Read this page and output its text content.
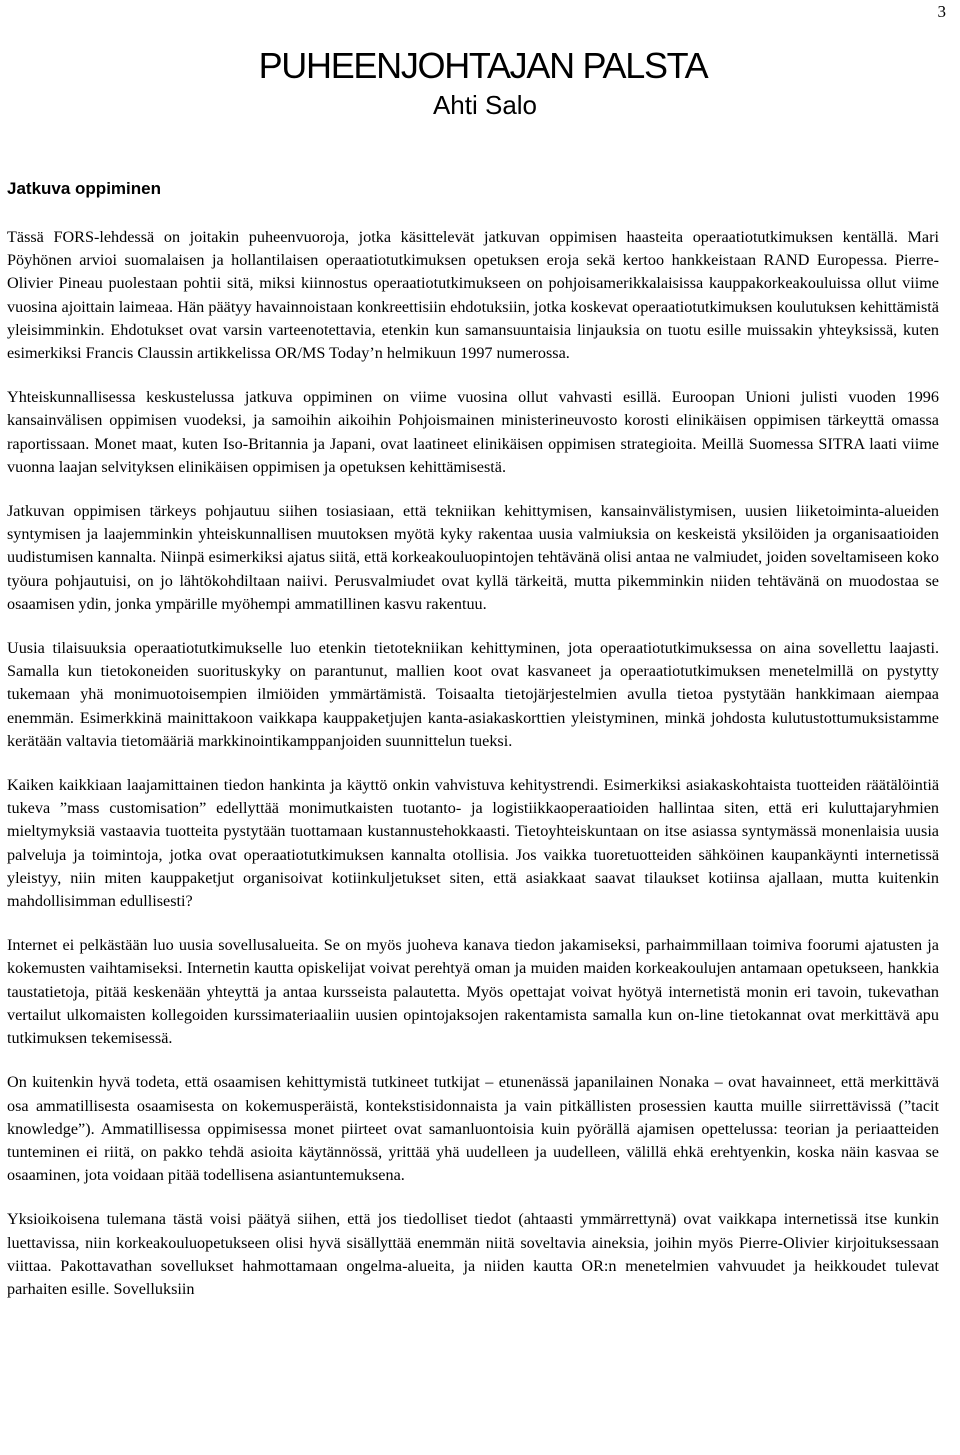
3
PUHEENJOHTAJAN PALSTA
Ahti Salo
Jatkuva oppiminen

Tässä FORS-lehdessä on joitakin puheenvuoroja, jotka käsittelevät jatkuvan oppimisen haasteita operaatiotutkimuksen kentällä. Mari Pöyhönen arvioi suomalaisen ja hollantilaisen operaatiotutkimuksen opetuksen eroja sekä kertoo hankkeistaan RAND Europessa. Pierre-Olivier Pineau puolestaan pohtii sitä, miksi kiinnostus operaatiotutkimukseen on pohjoisamerikkalaisissa kauppakorkeakouluissa ollut viime vuosina ajoittain laimeaa. Hän päätyy havainnoistaan konkreettisiin ehdotuksiin, jotka koskevat operaatiotutkimuksen koulutuksen kehittämistä yleisimminkin. Ehdotukset ovat varsin varteenotettavia, etenkin kun samansuuntaisia linjauksia on tuotu esille muissakin yhteyksissä, kuten esimerkiksi Francis Claussin artikkelissa OR/MS Today’n helmikuun 1997 numerossa.

Yhteiskunnallisessa keskustelussa jatkuva oppiminen on viime vuosina ollut vahvasti esillä. Euroopan Unioni julisti vuoden 1996 kansainvälisen oppimisen vuodeksi, ja samoihin aikoihin Pohjoismainen ministerineuvosto korosti elinikäisen oppimisen tärkeyttä omassa raportissaan. Monet maat, kuten Iso-Britannia ja Japani, ovat laatineet elinikäisen oppimisen strategioita. Meillä Suomessa SITRA laati viime vuonna laajan selvityksen elinikäisen oppimisen ja opetuksen kehittämisestä.

Jatkuvan oppimisen tärkeys pohjautuu siihen tosiasiaan, että tekniikan kehittymisen, kansainvälistymisen, uusien liiketoiminta-alueiden syntymisen ja laajemminkin yhteiskunnallisen muutoksen myötä kyky rakentaa uusia valmiuksia on keskeistä yksilöiden ja organisaatioiden uudistumisen kannalta. Niinpä esimerkiksi ajatus siitä, että korkeakouluopintojen tehtävänä olisi antaa ne valmiudet, joiden soveltamiseen koko työura pohjautuisi, on jo lähtökohdiltaan naiivi. Perusvalmiudet ovat kyllä tärkeitä, mutta pikemminkin niiden tehtävänä on muodostaa se osaamisen ydin, jonka ympärille myöhempi ammatillinen kasvu rakentuu.

Uusia tilaisuuksia operaatiotutkimukselle luo etenkin tietotekniikan kehittyminen, jota operaatiotutkimuksessa on aina sovellettu laajasti. Samalla kun tietokoneiden suorituskyky on parantunut, mallien koot ovat kasvaneet ja operaatiotutkimuksen menetelmillä on pystytty tukemaan yhä monimuotoisempien ilmiöiden ymmärtämistä. Toisaalta tietojärjestelmien avulla tietoa pystytään hankkimaan aiempaa enemmän. Esimerkkinä mainittakoon vaikkapa kauppaketjujen kanta-asiakaskorttien yleistyminen, minkä johdosta kulutustottumuksistamme kerätään valtavia tietomääriä markkinointikamppanjoiden suunnittelun tueksi.

Kaiken kaikkiaan laajamittainen tiedon hankinta ja käyttö onkin vahvistuva kehitystrendi. Esimerkiksi asiakaskohtaista tuotteiden räätälöintiä tukeva ”mass customisation” edellyttää monimutkaisten tuotanto- ja logistiikkaoperaatioiden hallintaa siten, että eri kuluttajaryhmien mieltymyksiä vastaavia tuotteita pystytään tuottamaan kustannustehokkaasti. Tietoyhteiskuntaan on itse asiassa syntymässä monenlaisia uusia palveluja ja toimintoja, jotka ovat operaatiotutkimuksen kannalta otollisia. Jos vaikka tuoretuotteiden sähköinen kaupankäynti internetissä yleistyy, niin miten kauppaketjut organisoivat kotiinkuljetukset siten, että asiakkaat saavat tilaukset kotiinsa ajallaan, mutta kuitenkin mahdollisimman edullisesti?

Internet ei pelkästään luo uusia sovellusalueita. Se on myös juoheva kanava tiedon jakamiseksi, parhaimmillaan toimiva foorumi ajatusten ja kokemusten vaihtamiseksi. Internetin kautta opiskelijat voivat perehtyä oman ja muiden maiden korkeakoulujen antamaan opetukseen, hankkia taustatietoja, pitää keskenään yhteyttä ja antaa kursseista palautetta. Myös opettajat voivat hyötyä internetistä monin eri tavoin, tukevathan vertailut ulkomaisten kollegoiden kurssimateriaaliin uusien opintojaksojen rakentamista samalla kun on-line tietokannat ovat merkittävä apu tutkimuksen tekemisessä.

On kuitenkin hyvä todeta, että osaamisen kehittymistä tutkineet tutkijat – etunenässä japanilainen Nonaka – ovat havainneet, että merkittävä osa ammatillisesta osaamisesta on kokemusperäistä, kontekstisidonnaista ja vain pitkällisten prosessien kautta muille siirrettävissä (”tacit knowledge”). Ammatillisessa oppimisessa monet piirteet ovat samanluontoisia kuin pyörällä ajamisen opettelussa: teorian ja periaatteiden tunteminen ei riitä, on pakko tehdä asioita käytännössä, yrittää yhä uudelleen ja uudelleen, välillä ehkä erehtyenkin, koska näin kasvaa se osaaminen, jota voidaan pitää todellisena asiantuntemuksena.

Yksioikoisena tulemana tästä voisi päätyä siihen, että jos tiedolliset tiedot (ahtaasti ymmärrettynä) ovat vaikkapa internetissä itse kunkin luettavissa, niin korkeakouluopetukseen olisi hyvä sisällyttää enemmän niitä soveltavia aineksia, joihin myös Pierre-Olivier kirjoituksessaan viittaa. Pakottavathan sovellukset hahmottamaan ongelma-alueita, ja niiden kautta OR:n menetelmien vahvuudet ja heikkoudet tulevat parhaiten esille. Sovelluksiin
